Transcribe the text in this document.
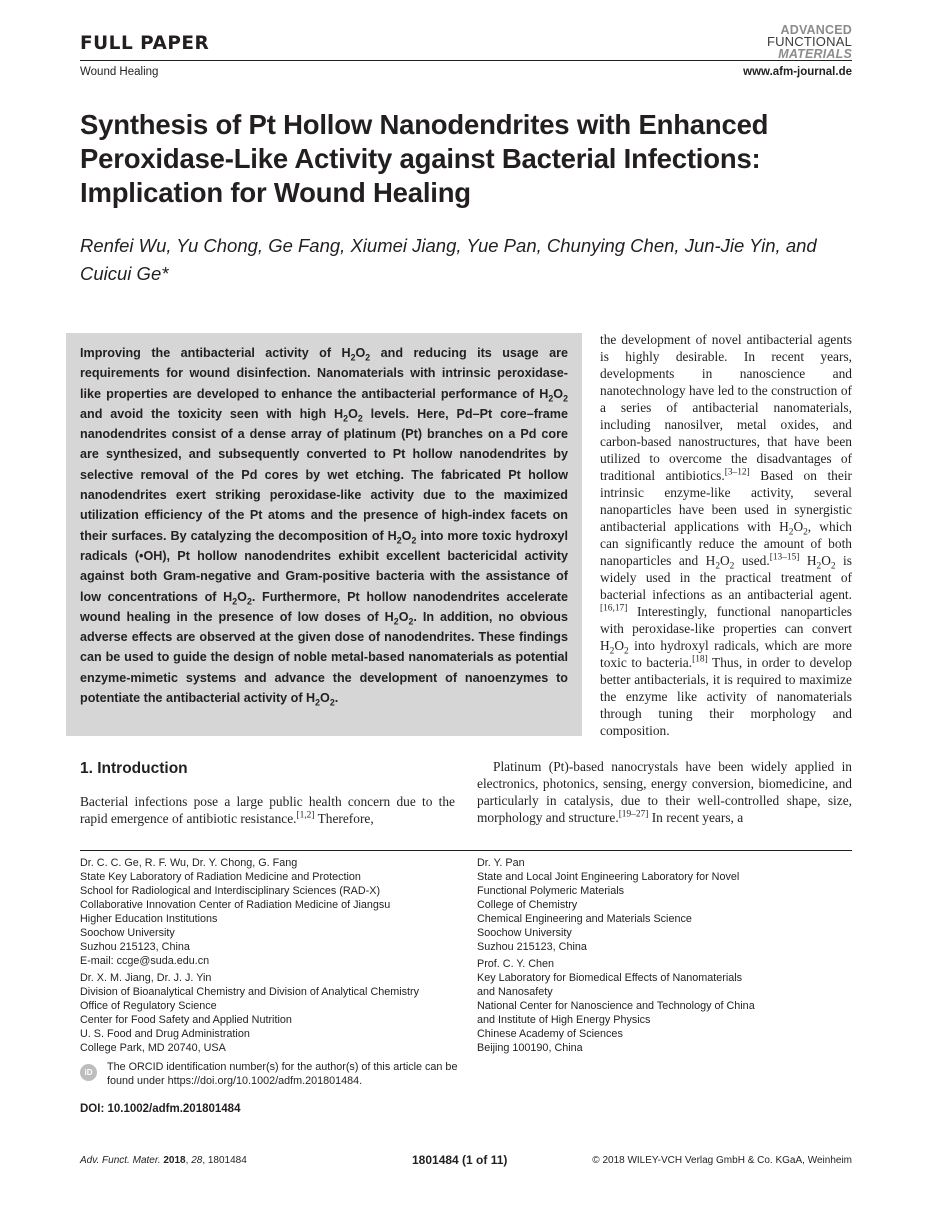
FULL PAPER
ADVANCED
FUNCTIONAL
MATERIALS
Wound Healing	www.afm-journal.de
Synthesis of Pt Hollow Nanodendrites with Enhanced Peroxidase-Like Activity against Bacterial Infections: Implication for Wound Healing
Renfei Wu, Yu Chong, Ge Fang, Xiumei Jiang, Yue Pan, Chunying Chen, Jun-Jie Yin, and Cuicui Ge*
Improving the antibacterial activity of $H_2O_2$ and reducing its usage are requirements for wound disinfection. Nanomaterials with intrinsic peroxidase-like properties are developed to enhance the antibacterial performance of $H_2O_2$ and avoid the toxicity seen with high $H_2O_2$ levels. Here, Pd–Pt core–frame nanodendrites consist of a dense array of platinum (Pt) branches on a Pd core are synthesized, and subsequently converted to Pt hollow nanodendrites by selective removal of the Pd cores by wet etching. The fabricated Pt hollow nanodendrites exert striking peroxidase-like activity due to the maximized utilization efficiency of the Pt atoms and the presence of high-index facets on their surfaces. By catalyzing the decomposition of $H_2O_2$ into more toxic hydroxyl radicals (•OH), Pt hollow nanodendrites exhibit excellent bactericidal activity against both Gram-negative and Gram-positive bacteria with the assistance of low concentrations of $H_2O_2$. Furthermore, Pt hollow nanodendrites accelerate wound healing in the presence of low doses of $H_2O_2$. In addition, no obvious adverse effects are observed at the given dose of nanodendrites. These findings can be used to guide the design of noble metal-based nanomaterials as potential enzyme-mimetic systems and advance the development of nanoenzymes to potentiate the antibacterial activity of $H_2O_2$.
the development of novel antibacterial agents is highly desirable. In recent years, developments in nanoscience and nanotechnology have led to the construction of a series of antibacterial nanomaterials, including nanosilver, metal oxides, and carbon-based nanostructures, that have been utilized to overcome the disadvantages of traditional antibiotics.[3–12] Based on their intrinsic enzyme-like activity, several nanoparticles have been used in synergistic antibacterial applications with $H_2O_2$, which can significantly reduce the amount of both nanoparticles and $H_2O_2$ used.[13–15] $H_2O_2$ is widely used in the practical treatment of bacterial infections as an antibacterial agent.[16,17] Interestingly, functional nanoparticles with peroxidase-like properties can convert $H_2O_2$ into hydroxyl radicals, which are more toxic to bacteria.[18] Thus, in order to develop better antibacterials, it is required to maximize the enzyme like activity of nanomaterials through tuning their morphology and composition.
1. Introduction	Platinum (Pt)-based nanocrystals have been widely applied in electronics, photonics, sensing, energy conversion, biomedicine, and particularly in catalysis, due to their well-controlled shape, size, morphology and structure.[19–27] In recent years, a
Bacterial infections pose a large public health concern due to the rapid emergence of antibiotic resistance.[1,2] Therefore,
Dr. C. C. Ge, R. F. Wu, Dr. Y. Chong, G. Fang
State Key Laboratory of Radiation Medicine and Protection
School for Radiological and Interdisciplinary Sciences (RAD-X)
Collaborative Innovation Center of Radiation Medicine of Jiangsu
Higher Education Institutions
Soochow University
Suzhou 215123, China
E-mail: ccge@suda.edu.cn
Dr. X. M. Jiang, Dr. J. J. Yin
Division of Bioanalytical Chemistry and Division of Analytical Chemistry
Office of Regulatory Science
Center for Food Safety and Applied Nutrition
U. S. Food and Drug Administration
College Park, MD 20740, USA
Dr. Y. Pan
State and Local Joint Engineering Laboratory for Novel
Functional Polymeric Materials
College of Chemistry
Chemical Engineering and Materials Science
Soochow University
Suzhou 215123, China
Prof. C. Y. Chen
Key Laboratory for Biomedical Effects of Nanomaterials
and Nanosafety
National Center for Nanoscience and Technology of China
and Institute of High Energy Physics
Chinese Academy of Sciences
Beijing 100190, China
iD	The ORCID identification number(s) for the author(s) of this article can be found under https://doi.org/10.1002/adfm.201801484.
DOI: 10.1002/adfm.201801484
Adv. Funct. Mater. 2018, 28, 1801484	1801484 (1 of 11)	© 2018 WILEY-VCH Verlag GmbH & Co. KGaA, Weinheim
